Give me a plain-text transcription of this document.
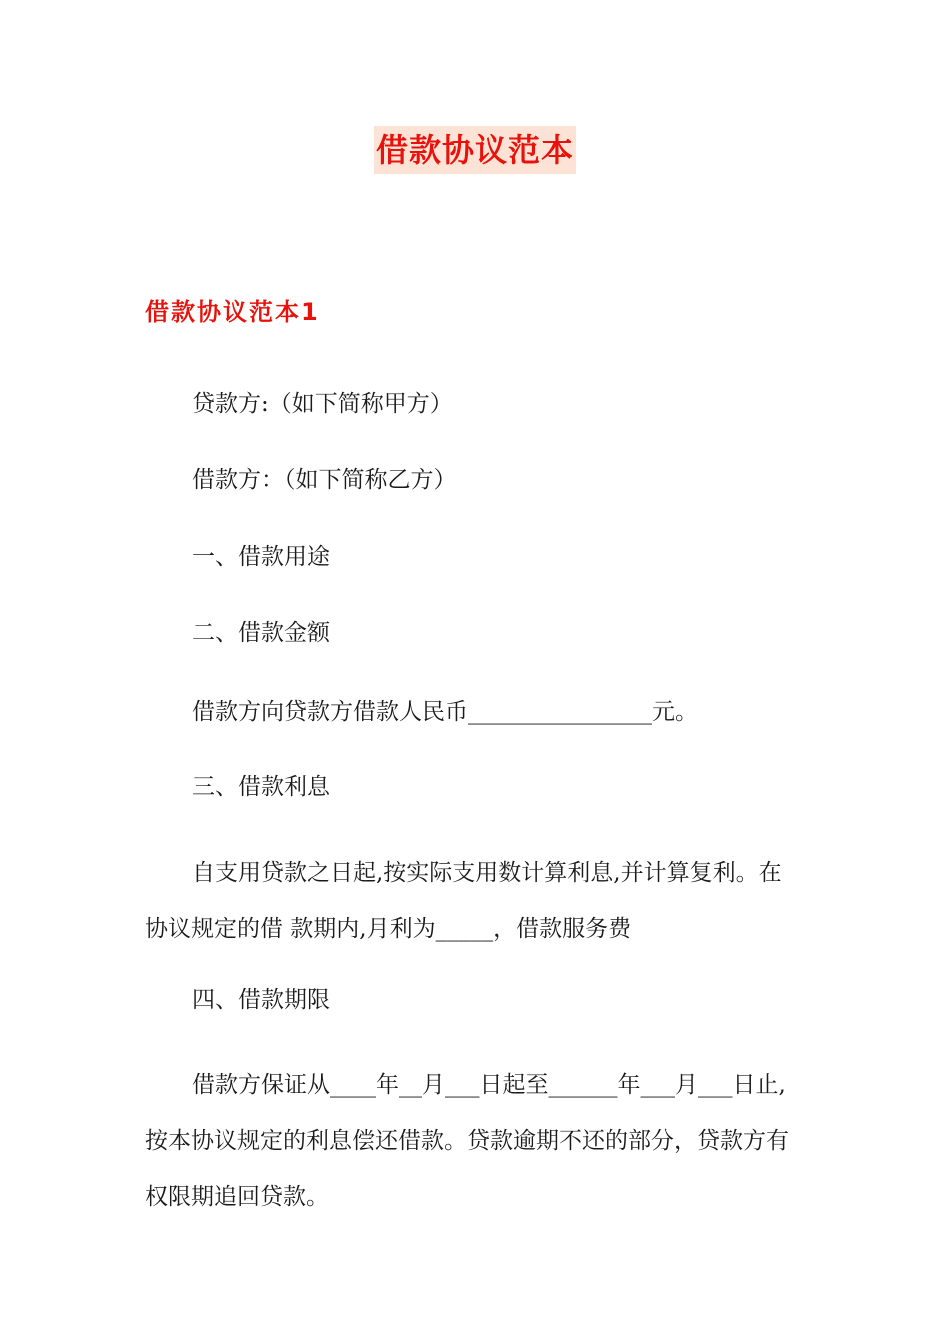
借款协议范本
借款协议范本1

贷款方:（如下简称甲方）

借款方：（如下简称乙方）

一、借款用途

二、借款金额

借款方向贷款方借款人民币________________元。

三、借款利息

自支用贷款之日起,按实际支用数计算利息,并计算复利。在
协议规定的借 款期内,月利为_____，借款服务费

四、借款期限

借款方保证从____年__月___日起至______年___月___日止,
按本协议规定的利息偿还借款。贷款逾期不还的部分，贷款方有
权限期追回贷款。
